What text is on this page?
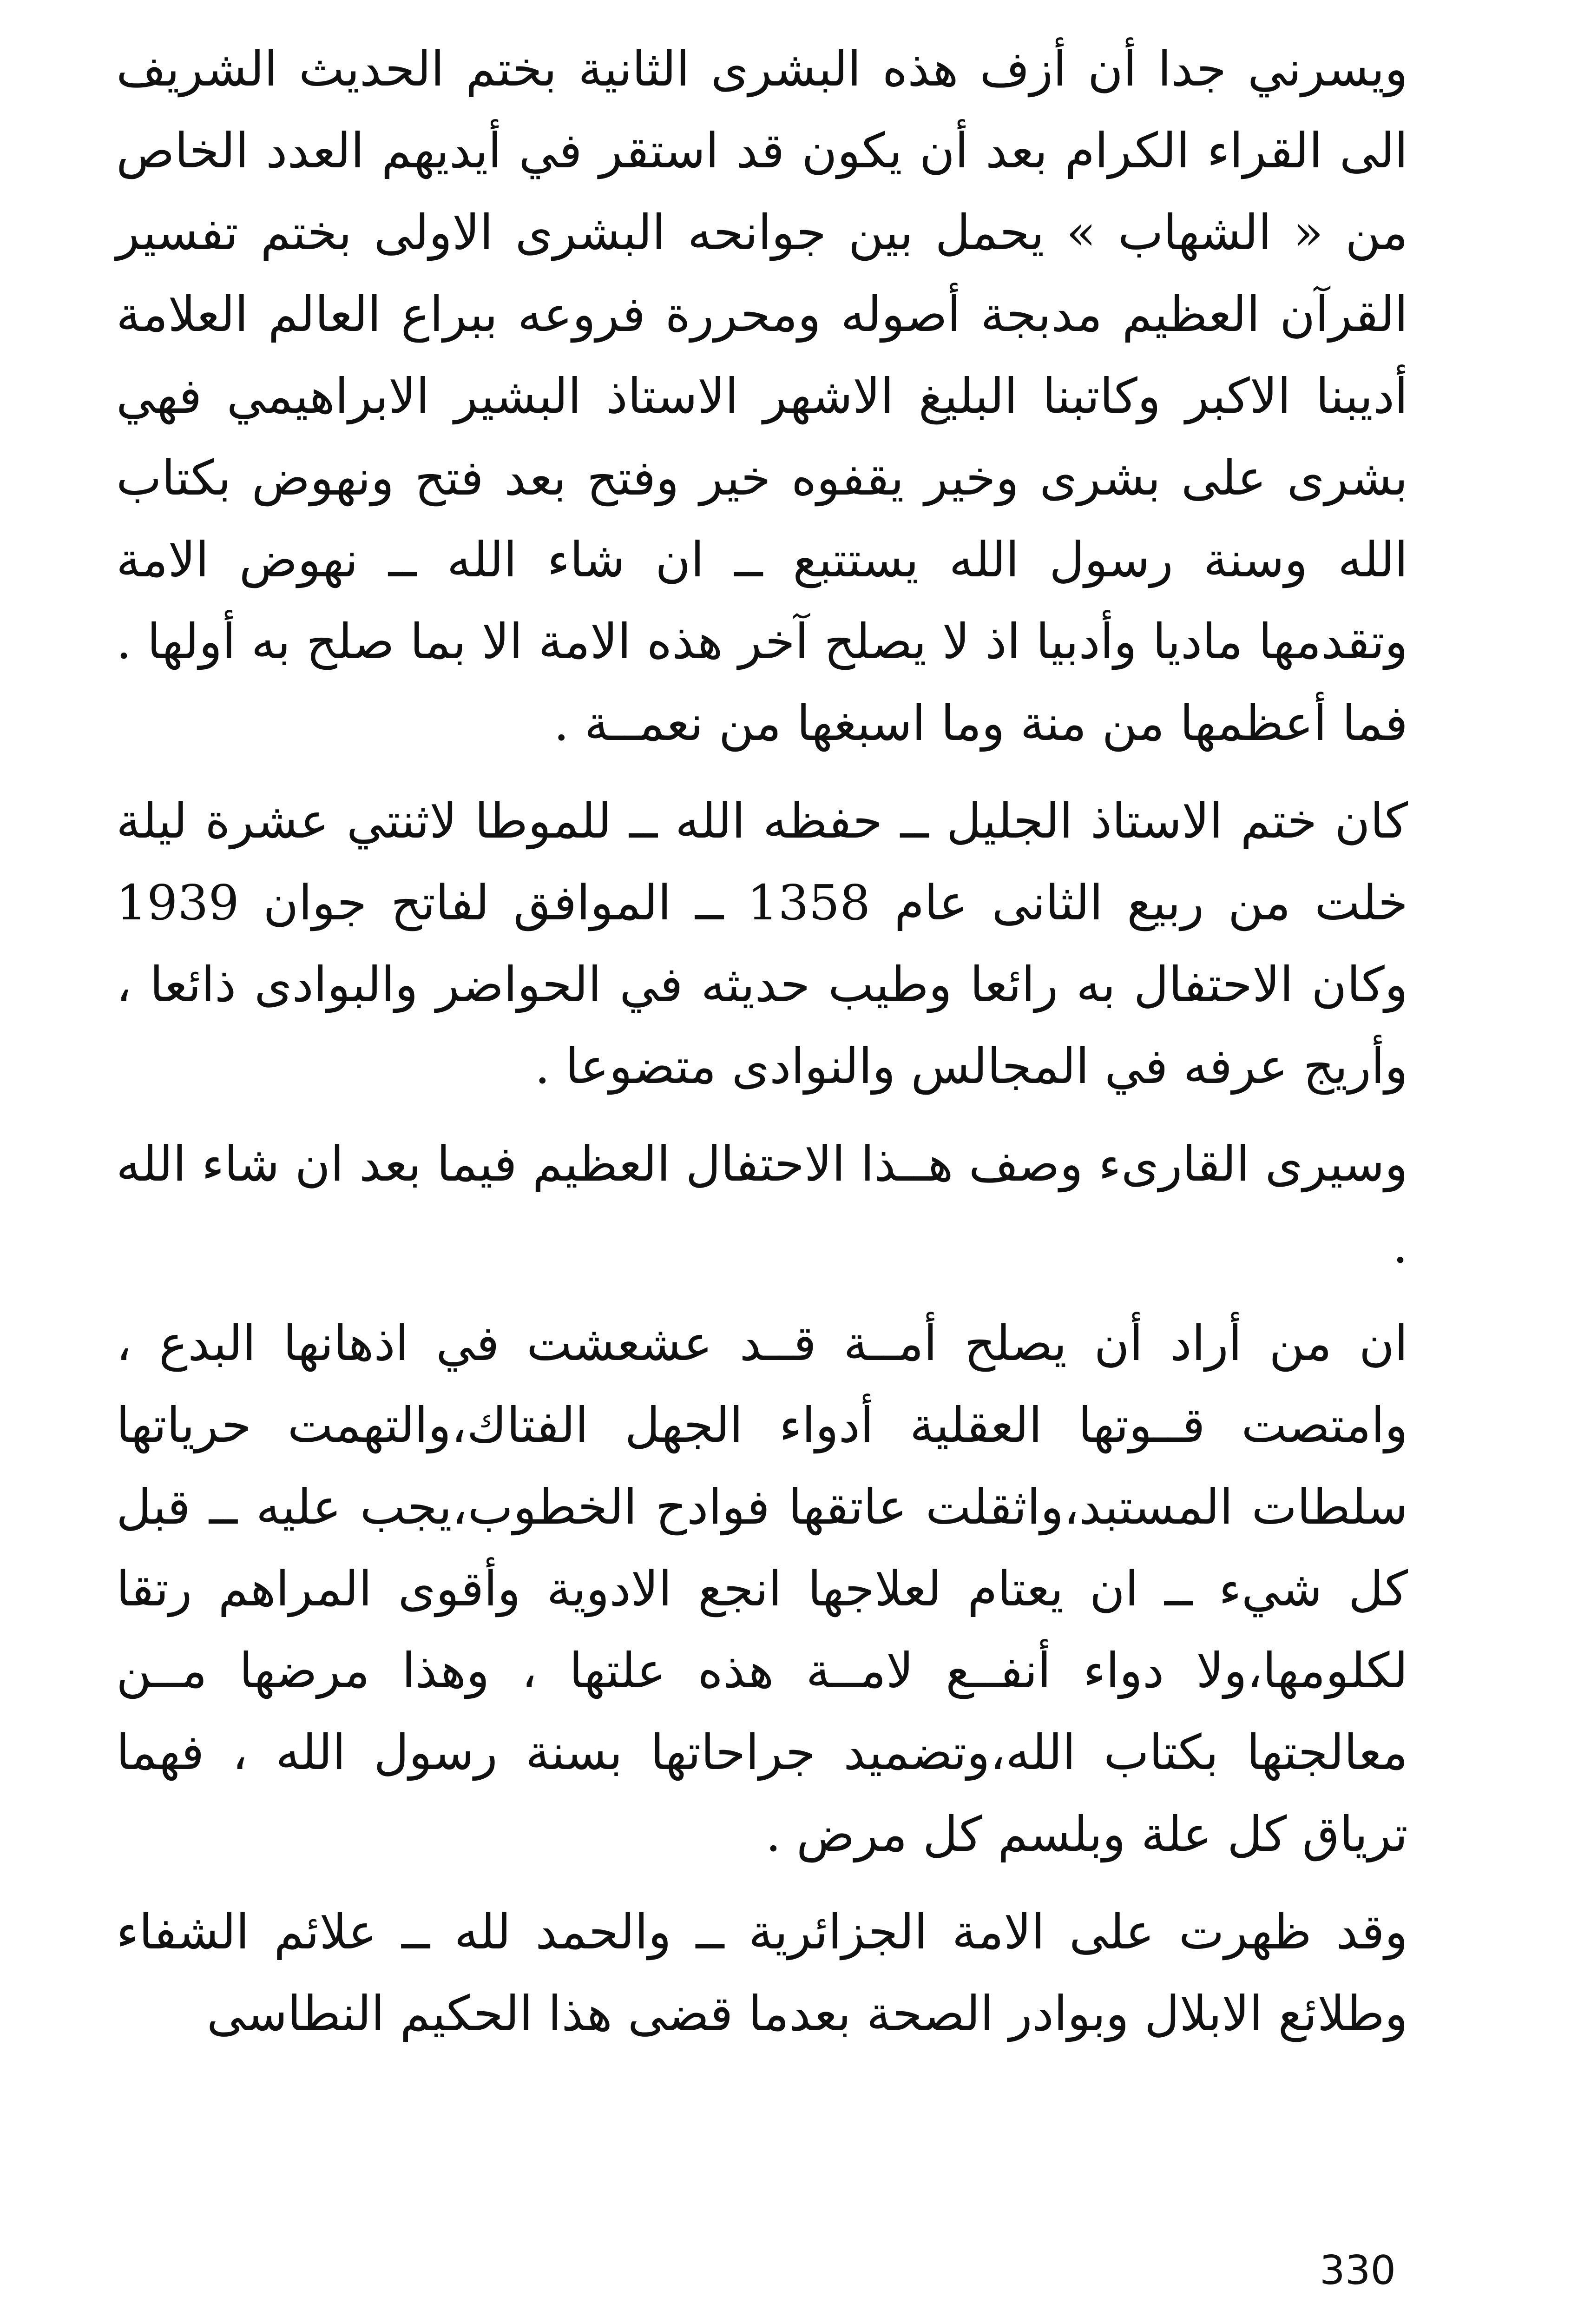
ويسرني جدا أن أزف هذه البشرى الثانية بختم الحديث الشريف الى القراء الكرام بعد أن يكون قد استقر في أيديهم العدد الخاص من « الشهاب » يحمل بين جوانحه البشرى الاولى بختم تفسير القرآن العظيم مدبجة أصوله ومحررة فروعه ببراع العالم العلامة أديبنا الاكبر وكاتبنا البليغ الاشهر الاستاذ البشير الابراهيمي فهي بشرى على بشرى وخير يقفوه خير وفتح بعد فتح ونهوض بكتاب الله وسنة رسول الله يستتبع ــ ان شاء الله ــ نهوض الامة وتقدمها ماديا وأدبيا اذ لا يصلح آخر هذه الامة الا بما صلح به أولها . فما أعظمها من منة وما اسبغها من نعمــة .

كان ختم الاستاذ الجليل ــ حفظه الله ــ للموطا لاثنتي عشرة ليلة خلت من ربيع الثانى عام 1358 ــ الموافق لفاتح جوان 1939 وكان الاحتفال به رائعا وطيب حديثه في الحواضر والبوادى ذائعا ، وأريج عرفه في المجالس والنوادى متضوعا .

وسيرى القارىء وصف هــذا الاحتفال العظيم فيما بعد ان شاء الله .

ان من أراد أن يصلح أمــة قــد عشعشت في اذهانها البدع ، وامتصت قــوتها العقلية أدواء الجهل الفتاك،والتهمت حرياتها سلطات المستبد،واثقلت عاتقها فوادح الخطوب،يجب عليه ــ قبل كل شيء ــ ان يعتام لعلاجها انجع الادوية وأقوى المراهم رتقا لكلومها،ولا دواء أنفــع لامــة هذه علتها ، وهذا مرضها مــن معالجتها بكتاب الله،وتضميد جراحاتها بسنة رسول الله ، فهما ترياق كل علة وبلسم كل مرض .

وقد ظهرت على الامة الجزائرية ــ والحمد لله ــ علائم الشفاء وطلائع الابلال وبوادر الصحة بعدما قضى هذا الحكيم النطاسى

330
